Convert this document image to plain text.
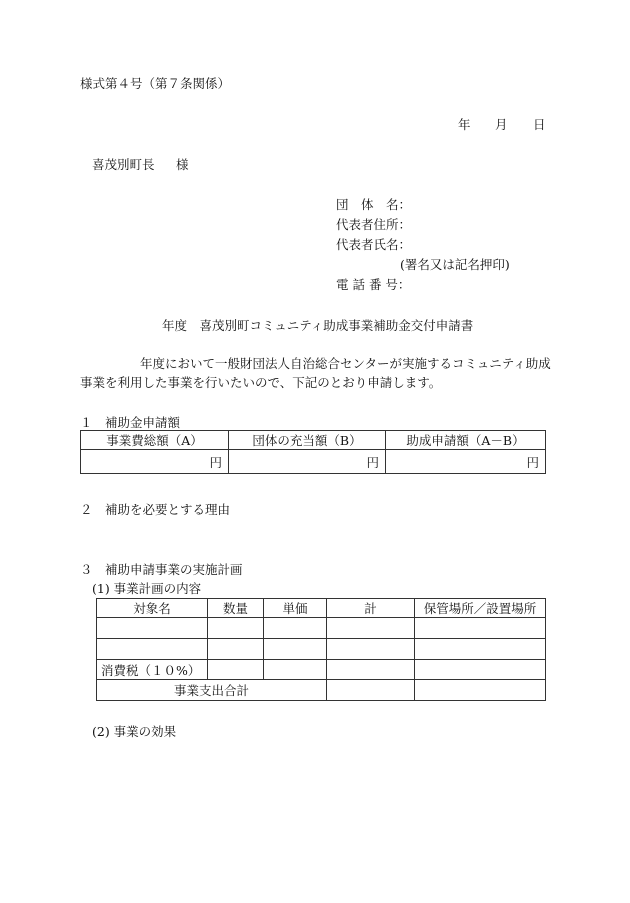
様式第４号（第７条関係）
年 月 日
喜茂別町長 様
団　体　名：
代表者住所：
代表者氏名：
(署名又は記名押印)
電 話 番 号：
年度　喜茂別町コミュニティ助成事業補助金交付申請書
年度において一般財団法人自治総合センターが実施するコミュニティ助成
事業を利用した事業を行いたいので、下記のとおり申請します。
１　補助金申請額
事業費総額（A）	団体の充当額（B）	助成申請額（A－B）
円	円	円
２　補助を必要とする理由
３　補助申請事業の実施計画
(1) 事業計画の内容
対象名	数量	単価	計	保管場所／設置場所

消費税（１０%）				
事業支出合計				
(2) 事業の効果
